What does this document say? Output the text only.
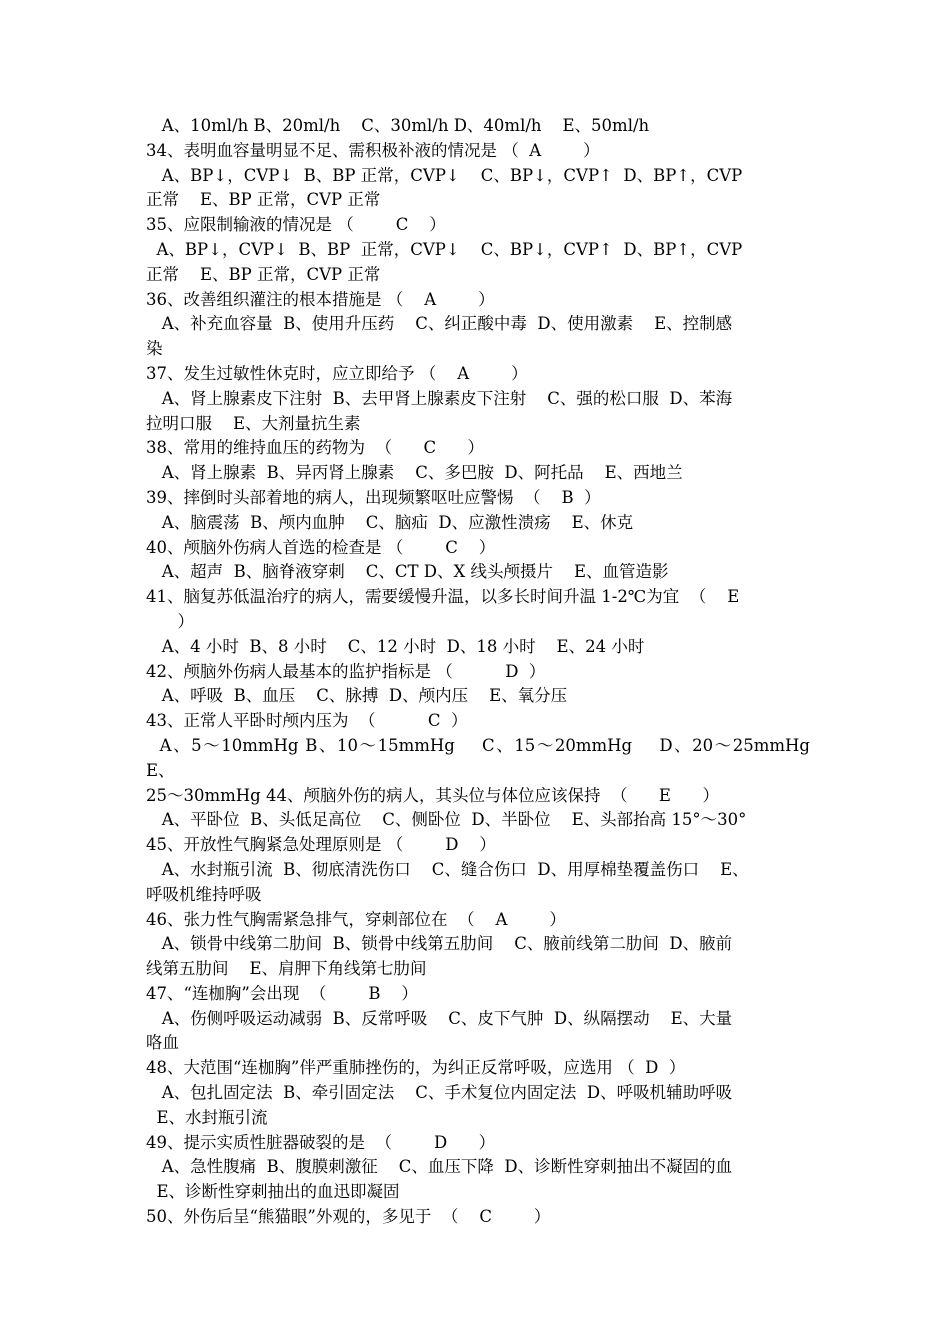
A、10ml/h B、20ml/h    C、30ml/h D、40ml/h    E、50ml/h
34、表明血容量明显不足、需积极补液的情况是 （  A        ）
A、BP↓，CVP↓  B、BP 正常，CVP↓    C、BP↓，CVP↑  D、BP↑，CVP
正常    E、BP 正常，CVP 正常
35、应限制输液的情况是 （        C    ）
A、BP↓，CVP↓  B、BP  正常，CVP↓    C、BP↓，CVP↑  D、BP↑，CVP
正常    E、BP 正常，CVP 正常
36、改善组织灌注的根本措施是 （    A        ）
A、补充血容量  B、使用升压药    C、纠正酸中毒  D、使用激素    E、控制感
染
37、发生过敏性休克时，应立即给予 （    A        ）
A、肾上腺素皮下注射  B、去甲肾上腺素皮下注射    C、强的松口服  D、苯海
拉明口服    E、大剂量抗生素
38、常用的维持血压的药物为  （      C      ）
A、肾上腺素  B、异丙肾上腺素    C、多巴胺  D、阿托品    E、西地兰
39、摔倒时头部着地的病人，出现频繁呕吐应警惕  （    B  ）
A、脑震荡  B、颅内血肿    C、脑疝  D、应激性溃疡    E、休克
40、颅脑外伤病人首选的检查是 （        C    ）
A、超声  B、脑脊液穿刺    C、CT D、X 线头颅摄片    E、血管造影
41、脑复苏低温治疗的病人，需要缓慢升温，以多长时间升温 1-2℃为宜  （    E
）
A、4 小时  B、8 小时    C、12 小时  D、18 小时    E、24 小时
42、颅脑外伤病人最基本的监护指标是 （          D  ）
A、呼吸  B、血压    C、脉搏  D、颅内压    E、氧分压
43、正常人平卧时颅内压为  （          C  ）
A、5～10mmHg B、10～15mmHg    C、15～20mmHg    D、20～25mmHg    E、
25～30mmHg 44、颅脑外伤的病人，其头位与体位应该保持  （      E      ）
A、平卧位  B、头低足高位    C、侧卧位  D、半卧位    E、头部抬高 15°～30°
45、开放性气胸紧急处理原则是 （        D    ）
A、水封瓶引流  B、彻底清洗伤口    C、缝合伤口  D、用厚棉垫覆盖伤口    E、
呼吸机维持呼吸
46、张力性气胸需紧急排气，穿刺部位在  （    A        ）
A、锁骨中线第二肋间  B、锁骨中线第五肋间    C、腋前线第二肋间  D、腋前
线第五肋间    E、肩胛下角线第七肋间
47、“连枷胸”会出现  （        B    ）
A、伤侧呼吸运动减弱  B、反常呼吸    C、皮下气肿  D、纵隔摆动    E、大量
咯血
48、大范围“连枷胸”伴严重肺挫伤的，为纠正反常呼吸，应选用 （  D  ）
A、包扎固定法  B、牵引固定法    C、手术复位内固定法  D、呼吸机辅助呼吸
E、水封瓶引流
49、提示实质性脏器破裂的是  （        D      ）
A、急性腹痛  B、腹膜刺激征    C、血压下降  D、诊断性穿刺抽出不凝固的血
E、诊断性穿刺抽出的血迅即凝固
50、外伤后呈“熊猫眼”外观的，多见于  （    C        ）
